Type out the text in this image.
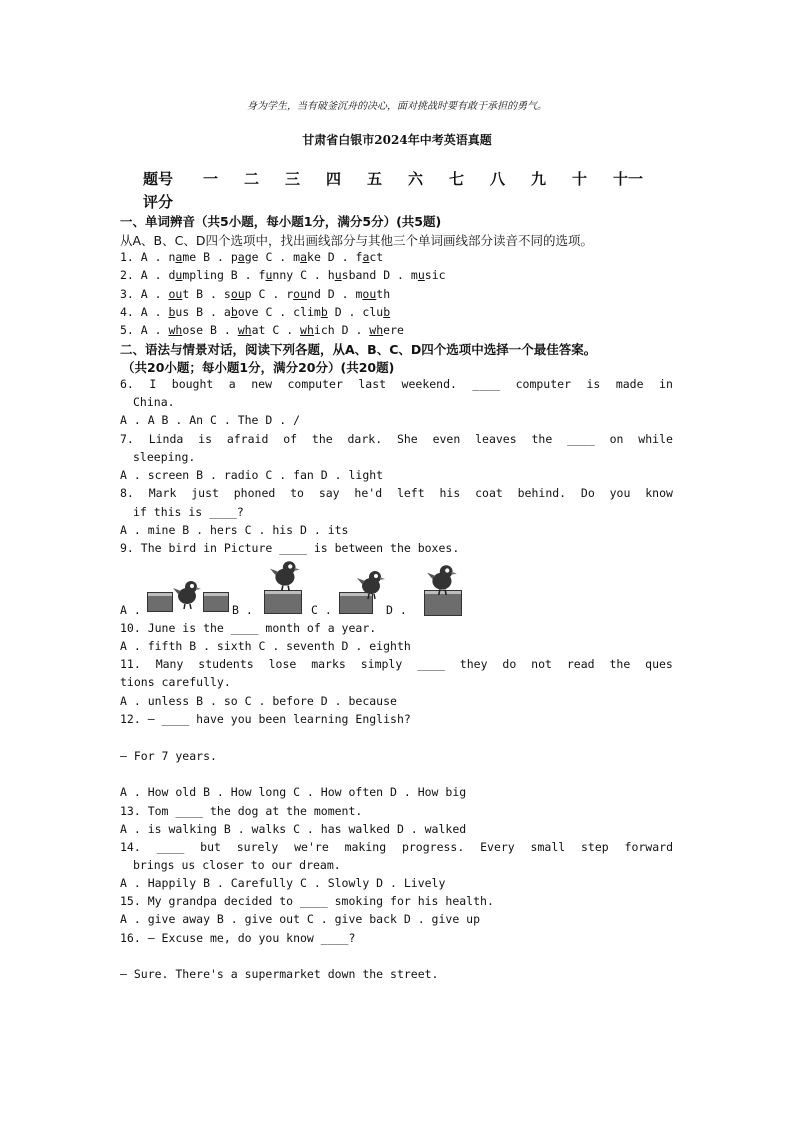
身为学生，当有破釜沉舟的决心，面对挑战时要有敢于承担的勇气。
甘肃省白银市2024年中考英语真题
题号	一	二	三	四	五	六	七	八	九	十	十一
评分
一、单词辨音（共5小题，每小题1分，满分5分）(共5题)
从A、B、C、D四个选项中，找出画线部分与其他三个单词画线部分读音不同的选项。
1. A . name B . page C . make D . fact
2. A . dumpling B . funny C . husband D . music
3. A . out B . soup C . round D . mouth
4. A . bus B . above C . climb D . club
5. A . whose B . what C . which D . where
二、语法与情景对话，阅读下列各题，从A、B、C、D四个选项中选择一个最佳答案。
（共20小题；每小题1分，满分20分）(共20题)
6. I bought a new computer last weekend. ____ computer is made in
China.
A . A B . An C . The D . /
7. Linda is afraid of the dark. She even leaves the ____ on while
sleeping.
A . screen B . radio C . fan D . light
8. Mark just phoned to say he'd left his coat behind. Do you know
if this is ____?
A . mine B . hers C . his D . its
9. The bird in Picture ____ is between the boxes.
A .	B .	C .	D .
10. June is the ____ month of a year.
A . fifth B . sixth C . seventh D . eighth
11. Many students lose marks simply ____ they do not read the ques
tions carefully.
A . unless B . so C . before D . because
12. — ____ have you been learning English?
— For 7 years.
A . How old B . How long C . How often D . How big
13. Tom ____ the dog at the moment.
A . is walking B . walks C . has walked D . walked
14. ____ but surely we're making progress. Every small step forward
brings us closer to our dream.
A . Happily B . Carefully C . Slowly D . Lively
15. My grandpa decided to ____ smoking for his health.
A . give away B . give out C . give back D . give up
16. — Excuse me, do you know ____?
— Sure. There's a supermarket down the street.
